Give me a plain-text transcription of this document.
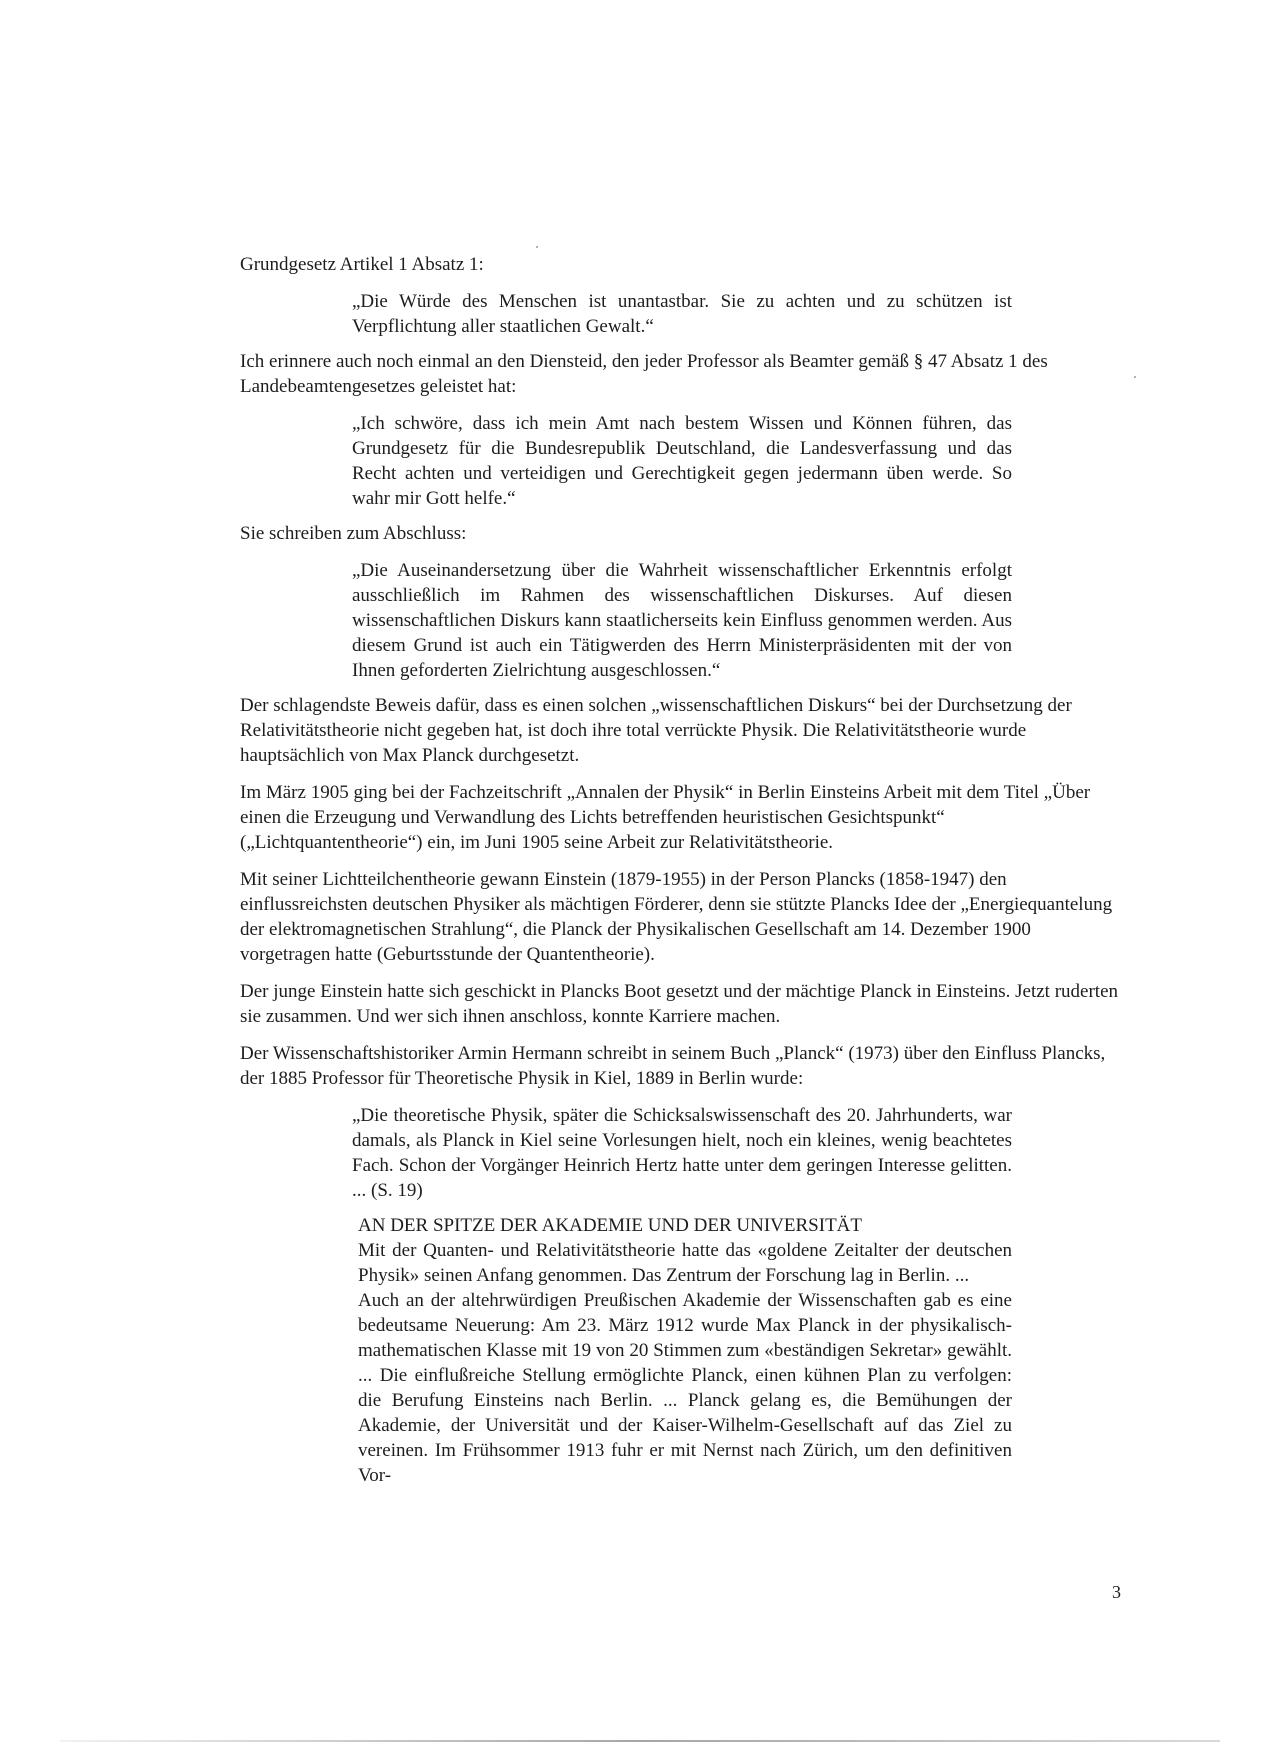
Grundgesetz Artikel 1 Absatz 1:

„Die Würde des Menschen ist unantastbar. Sie zu achten und zu schützen ist Verpflichtung aller staatlichen Gewalt.“

Ich erinnere auch noch einmal an den Diensteid, den jeder Professor als Beamter gemäß § 47 Absatz 1 des Landebeamtengesetzes geleistet hat:

„Ich schwöre, dass ich mein Amt nach bestem Wissen und Können führen, das Grundgesetz für die Bundesrepublik Deutschland, die Landesverfassung und das Recht achten und verteidigen und Gerechtigkeit gegen jedermann üben werde. So wahr mir Gott helfe.“

Sie schreiben zum Abschluss:

„Die Auseinandersetzung über die Wahrheit wissenschaftlicher Erkenntnis erfolgt ausschließlich im Rahmen des wissenschaftlichen Diskurses. Auf diesen wissenschaftlichen Diskurs kann staatlicherseits kein Einfluss genommen werden. Aus diesem Grund ist auch ein Tätigwerden des Herrn Ministerpräsidenten mit der von Ihnen geforderten Zielrichtung ausgeschlossen.“

Der schlagendste Beweis dafür, dass es einen solchen „wissenschaftlichen Diskurs“ bei der Durchsetzung der Relativitätstheorie nicht gegeben hat, ist doch ihre total verrückte Physik. Die Relativitätstheorie wurde hauptsächlich von Max Planck durchgesetzt.

Im März 1905 ging bei der Fachzeitschrift „Annalen der Physik“ in Berlin Einsteins Arbeit mit dem Titel „Über einen die Erzeugung und Verwandlung des Lichts betreffenden heuristischen Gesichtspunkt“ („Lichtquantentheorie“) ein, im Juni 1905 seine Arbeit zur Relativitätstheorie.

Mit seiner Lichtteilchentheorie gewann Einstein (1879-1955) in der Person Plancks (1858-1947) den einflussreichsten deutschen Physiker als mächtigen Förderer, denn sie stützte Plancks Idee der „Energiequantelung der elektromagnetischen Strahlung“, die Planck der Physikalischen Gesellschaft am 14. Dezember 1900 vorgetragen hatte (Geburtsstunde der Quantentheorie).

Der junge Einstein hatte sich geschickt in Plancks Boot gesetzt und der mächtige Planck in Einsteins. Jetzt ruderten sie zusammen. Und wer sich ihnen anschloss, konnte Karriere machen.

Der Wissenschaftshistoriker Armin Hermann schreibt in seinem Buch „Planck“ (1973) über den Einfluss Plancks, der 1885 Professor für Theoretische Physik in Kiel, 1889 in Berlin wurde:

„Die theoretische Physik, später die Schicksalswissenschaft des 20. Jahrhunderts, war damals, als Planck in Kiel seine Vorlesungen hielt, noch ein kleines, wenig beachtetes Fach. Schon der Vorgänger Heinrich Hertz hatte unter dem geringen Interesse gelitten. ... (S. 19)

AN DER SPITZE DER AKADEMIE UND DER UNIVERSITÄT

Mit der Quanten- und Relativitätstheorie hatte das «goldene Zeitalter der deutschen Physik» seinen Anfang genommen. Das Zentrum der Forschung lag in Berlin. ...

Auch an der altehrwürdigen Preußischen Akademie der Wissenschaften gab es eine bedeutsame Neuerung: Am 23. März 1912 wurde Max Planck in der physikalisch-mathematischen Klasse mit 19 von 20 Stimmen zum «beständigen Sekretar» gewählt. ... Die einflußreiche Stellung ermöglichte Planck, einen kühnen Plan zu verfolgen: die Berufung Einsteins nach Berlin. ... Planck gelang es, die Bemühungen der Akademie, der Universität und der Kaiser-Wilhelm-Gesellschaft auf das Ziel zu vereinen. Im Frühsommer 1913 fuhr er mit Nernst nach Zürich, um den definitiven Vor-

3
